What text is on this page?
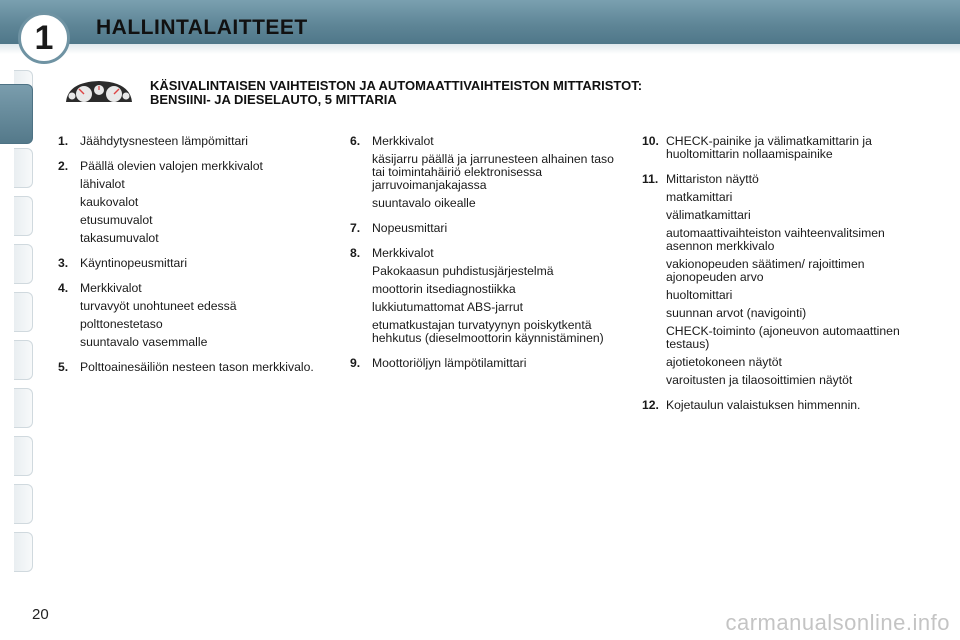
1	HALLINTALAITTEET
KÄSIVALINTAISEN VAIHTEISTON JA AUTOMAATTIVAIHTEISTON MITTARISTOT:
BENSIINI- JA DIESELAUTO, 5 MITTARIA
1. Jäähdytysnesteen lämpömittari
2. Päällä olevien valojen merkkivalot
lähivalot
kaukovalot
etusumuvalot
takasumuvalot
3. Käyntinopeusmittari
4. Merkkivalot
turvavyöt unohtuneet edessä
polttonestetaso
suuntavalo vasemmalle
5. Polttoainesäiliön nesteen tason merkkivalo.
6. Merkkivalot
käsijarru päällä ja jarrunesteen alhainen taso tai toimintahäiriö elektronisessa jarruvoimanjakajassa
suuntavalo oikealle
7. Nopeusmittari
8. Merkkivalot
Pakokaasun puhdistusjärjestelmä
moottorin itsediagnostiikka
lukkiutumattomat ABS-jarrut
etumatkustajan turvatyynyn poiskytkentä hehkutus (dieselmoottorin käynnistäminen)
9. Moottoriöljyn lämpötilamittari
10. CHECK-painike ja välimatkamittarin ja huoltomittarin nollaamispainike
11. Mittariston näyttö
matkamittari
välimatkamittari
automaattivaihteiston vaihteenvalitsimen asennon merkkivalo
vakionopeuden säätimen/ rajoittimen ajonopeuden arvo
huoltomittari
suunnan arvot (navigointi)
CHECK-toiminto (ajoneuvon automaattinen testaus)
ajotietokoneen näytöt
varoitusten ja tilaosoittimien näytöt
12. Kojetaulun valaistuksen himmennin.
20	carmanualsonline.info
